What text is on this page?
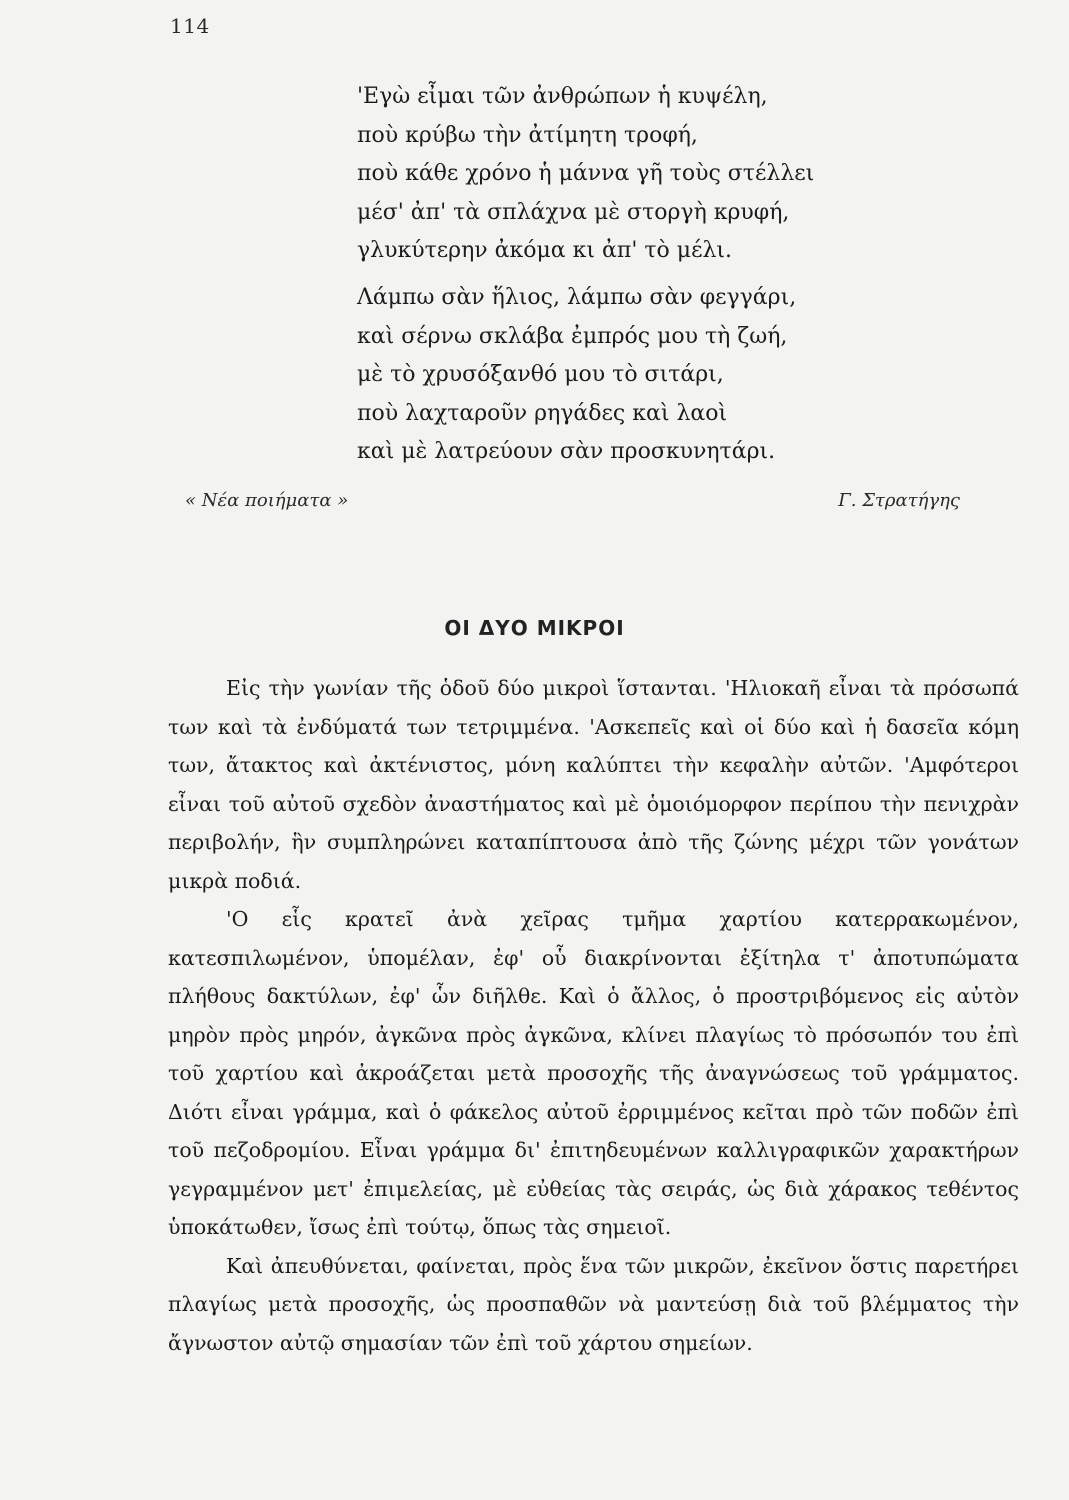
114
'Εγὼ εἶμαι τῶν ἀνθρώπων ἡ κυψέλη,
ποὺ κρύβω τὴν ἀτίμητη τροφή,
ποὺ κάθε χρόνο ἡ μάννα γῆ τοὺς στέλλει
μέσ' ἀπ' τὰ σπλάχνα μὲ στοργὴ κρυφή,
γλυκύτερην ἀκόμα κι ἀπ' τὸ μέλι.
Λάμπω σὰν ἥλιος, λάμπω σὰν φεγγάρι,
καὶ σέρνω σκλάβα ἐμπρός μου τὴ ζωή,
μὲ τὸ χρυσόξανθό μου τὸ σιτάρι,
ποὺ λαχταροῦν ρηγάδες καὶ λαοὶ
καὶ μὲ λατρεύουν σὰν προσκυνητάρι.
« Νέα ποιήματα »	Γ. Στρατήγης
ΟΙ ΔΥΟ ΜΙΚΡΟΙ

Εἰς τὴν γωνίαν τῆς ὁδοῦ δύο μικροὶ ἵστανται. 'Ηλιοκαῆ εἶναι τὰ πρόσωπά των καὶ τὰ ἐνδύματά των τετριμμένα. 'Ασκεπεῖς καὶ οἱ δύο καὶ ἡ δασεῖα κόμη των, ἄτακτος καὶ ἀκτένιστος, μόνη καλύπτει τὴν κεφαλὴν αὐτῶν. 'Αμφότεροι εἶναι τοῦ αὐτοῦ σχεδὸν ἀναστήματος καὶ μὲ ὁμοιόμορφον περίπου τὴν πενιχρὰν περιβολήν, ἣν συμπληρώνει καταπίπτουσα ἀπὸ τῆς ζώνης μέχρι τῶν γονάτων μικρὰ ποδιά.

'Ο εἷς κρατεῖ ἀνὰ χεῖρας τμῆμα χαρτίου κατερρακωμένον, κατεσπιλωμένον, ὑπομέλαν, ἐφ' οὗ διακρίνονται ἐξίτηλα τ' ἀποτυπώματα πλήθους δακτύλων, ἐφ' ὧν διῆλθε. Καὶ ὁ ἄλλος, ὁ προστριβόμενος εἰς αὐτὸν μηρὸν πρὸς μηρόν, ἀγκῶνα πρὸς ἀγκῶνα, κλίνει πλαγίως τὸ πρόσωπόν του ἐπὶ τοῦ χαρτίου καὶ ἀκροάζεται μετὰ προσοχῆς τῆς ἀναγνώσεως τοῦ γράμματος. Διότι εἶναι γράμμα, καὶ ὁ φάκελος αὐτοῦ ἐρριμμένος κεῖται πρὸ τῶν ποδῶν ἐπὶ τοῦ πεζοδρομίου. Εἶναι γράμμα δι' ἐπιτηδευμένων καλλιγραφικῶν χαρακτήρων γεγραμμένον μετ' ἐπιμελείας, μὲ εὐθείας τὰς σειράς, ὡς διὰ χάρακος τεθέντος ὑποκάτωθεν, ἴσως ἐπὶ τούτῳ, ὅπως τὰς σημειοῖ.

Καὶ ἀπευθύνεται, φαίνεται, πρὸς ἕνα τῶν μικρῶν, ἐκεῖνον ὅστις παρετήρει πλαγίως μετὰ προσοχῆς, ὡς προσπαθῶν νὰ μαντεύσῃ διὰ τοῦ βλέμματος τὴν ἄγνωστον αὐτῷ σημασίαν τῶν ἐπὶ τοῦ χάρτου σημείων.
